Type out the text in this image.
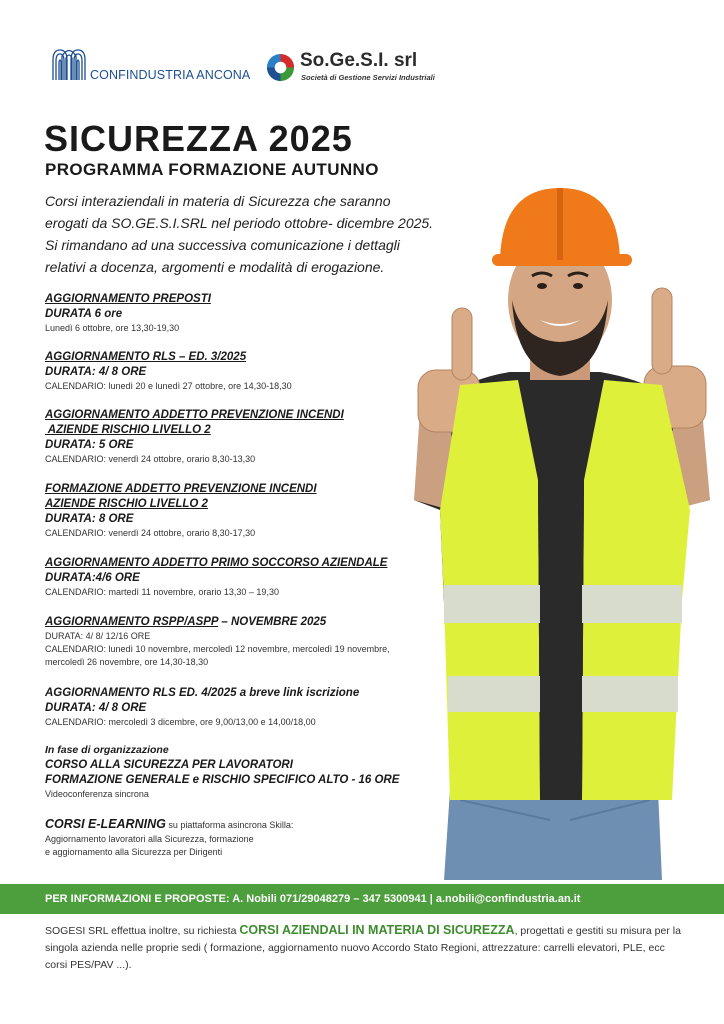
CONFINDUSTRIA ANCONA
So.Ge.S.I. srl
Società di Gestione Servizi Industriali
SICUREZZA 2025
PROGRAMMA FORMAZIONE AUTUNNO

Corsi interaziendali in materia di Sicurezza che saranno

erogati da SO.GE.S.I.SRL nel periodo ottobre- dicembre 2025.

Si rimandano ad una successiva comunicazione i dettagli

relativi a docenza, argomenti e modalità di erogazione.

AGGIORNAMENTO PREPOSTI
DURATA 6 ore
Lunedì 6 ottobre, ore 13,30-19,30
AGGIORNAMENTO RLS – ED. 3/2025
DURATA: 4/ 8 ORE
CALENDARIO: lunedì 20 e lunedì 27 ottobre, ore 14,30-18,30
AGGIORNAMENTO ADDETTO PREVENZIONE INCENDI
AZIENDE RISCHIO LIVELLO 2
DURATA: 5 ORE
CALENDARIO: venerdì 24 ottobre, orario 8,30-13,30
FORMAZIONE ADDETTO PREVENZIONE INCENDI
AZIENDE RISCHIO LIVELLO 2
DURATA: 8 ORE
CALENDARIO: venerdì 24 ottobre, orario 8,30-17,30
AGGIORNAMENTO ADDETTO PRIMO SOCCORSO AZIENDALE
DURATA:4/6 ORE
CALENDARIO: martedì 11 novembre, orario 13,30 – 19,30
AGGIORNAMENTO RSPP/ASPP – NOVEMBRE 2025
DURATA: 4/ 8/ 12/16 ORE
CALENDARIO: lunedì 10 novembre, mercoledì 12 novembre, mercoledì 19 novembre,
mercoledì 26 novembre, ore 14,30-18,30
AGGIORNAMENTO RLS ED. 4/2025 a breve link iscrizione
DURATA: 4/ 8 ORE
CALENDARIO: mercoledì 3 dicembre, ore 9,00/13,00 e 14,00/18,00
In fase di organizzazione
CORSO ALLA SICUREZZA PER LAVORATORI
FORMAZIONE GENERALE e RISCHIO SPECIFICO ALTO - 16 ORE
Videoconferenza sincrona
CORSI E-LEARNING su piattaforma asincrona Skilla:
Aggiornamento lavoratori alla Sicurezza, formazione
e aggiornamento alla Sicurezza per Dirigenti
PER INFORMAZIONI E PROPOSTE: A. Nobili 071/29048279 – 347 5300941 | a.nobili@confindustria.an.it
SOGESI SRL effettua inoltre, su richiesta CORSI AZIENDALI IN MATERIA DI SICUREZZA, progettati e gestiti su misura per la singola azienda nelle proprie sedi ( formazione, aggiornamento nuovo Accordo Stato Regioni, attrezzature: carrelli elevatori, PLE, ecc corsi PES/PAV ...).
